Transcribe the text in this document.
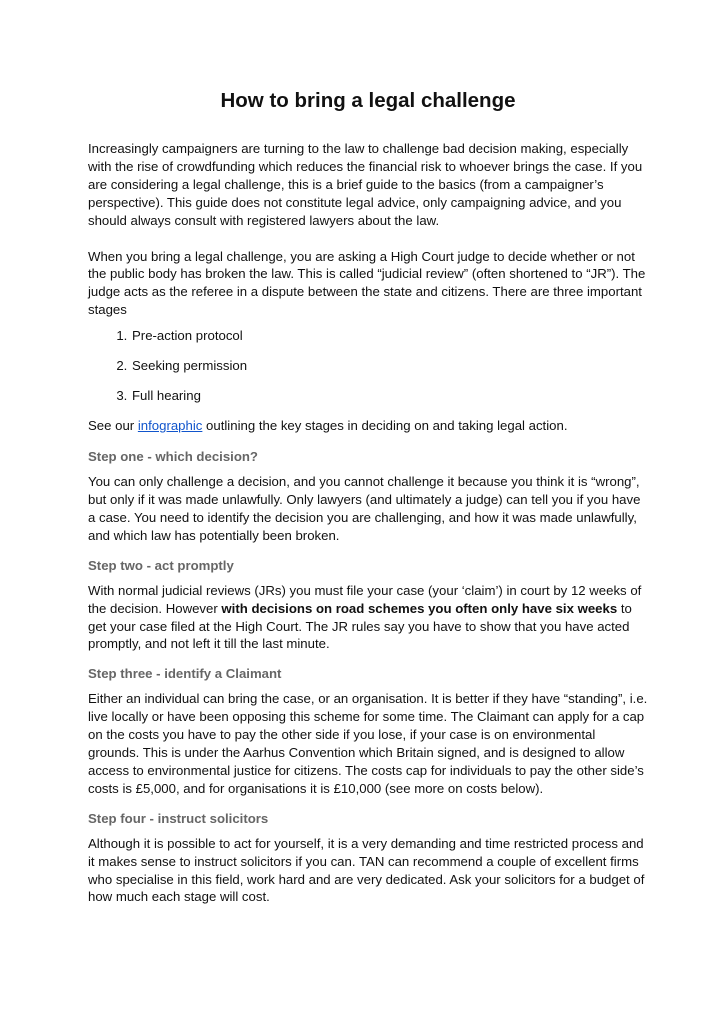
How to bring a legal challenge

Increasingly campaigners are turning to the law to challenge bad decision making, especially with the rise of crowdfunding which reduces the financial risk to whoever brings the case. If you are considering a legal challenge, this is a brief guide to the basics (from a campaigner’s perspective). This guide does not constitute legal advice, only campaigning advice, and you should always consult with registered lawyers about the law.

When you bring a legal challenge, you are asking a High Court judge to decide whether or not the public body has broken the law. This is called “judicial review” (often shortened to “JR”). The judge acts as the referee in a dispute between the state and citizens. There are three important stages

1. Pre-action protocol
2. Seeking permission
3. Full hearing

See our infographic outlining the key stages in deciding on and taking legal action.

Step one - which decision?

You can only challenge a decision, and you cannot challenge it because you think it is “wrong”, but only if it was made unlawfully. Only lawyers (and ultimately a judge) can tell you if you have a case. You need to identify the decision you are challenging, and how it was made unlawfully, and which law has potentially been broken.

Step two - act promptly

With normal judicial reviews (JRs) you must file your case (your ‘claim’) in court by 12 weeks of the decision. However with decisions on road schemes you often only have six weeks to get your case filed at the High Court. The JR rules say you have to show that you have acted promptly, and not left it till the last minute.

Step three - identify a Claimant

Either an individual can bring the case, or an organisation. It is better if they have “standing”, i.e. live locally or have been opposing this scheme for some time. The Claimant can apply for a cap on the costs you have to pay the other side if you lose, if your case is on environmental grounds. This is under the Aarhus Convention which Britain signed, and is designed to allow access to environmental justice for citizens. The costs cap for individuals to pay the other side’s costs is £5,000, and for organisations it is £10,000 (see more on costs below).

Step four - instruct solicitors

Although it is possible to act for yourself, it is a very demanding and time restricted process and it makes sense to instruct solicitors if you can. TAN can recommend a couple of excellent firms who specialise in this field, work hard and are very dedicated. Ask your solicitors for a budget of how much each stage will cost.
